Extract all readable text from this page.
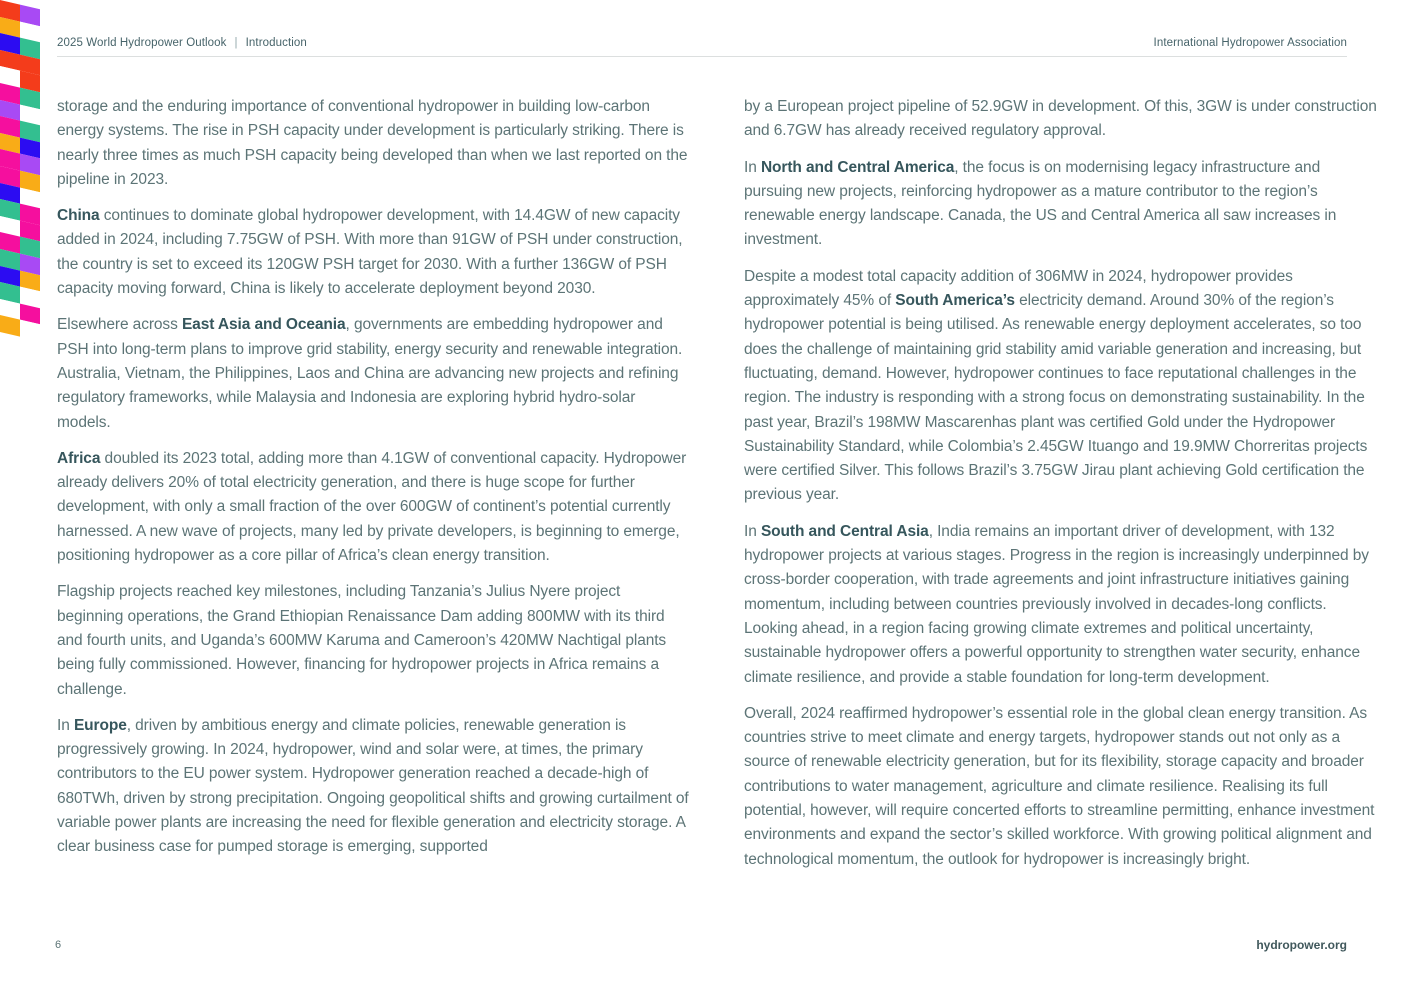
2025 World Hydropower Outlook | Introduction	International Hydropower Association

storage and the enduring importance of conventional hydropower in building low-carbon energy systems. The rise in PSH capacity under development is particularly striking. There is nearly three times as much PSH capacity being developed than when we last reported on the pipeline in 2023.

China continues to dominate global hydropower development, with 14.4GW of new capacity added in 2024, including 7.75GW of PSH. With more than 91GW of PSH under construction, the country is set to exceed its 120GW PSH target for 2030. With a further 136GW of PSH capacity moving forward, China is likely to accelerate deployment beyond 2030.

Elsewhere across East Asia and Oceania, governments are embedding hydropower and PSH into long-term plans to improve grid stability, energy security and renewable integration. Australia, Vietnam, the Philippines, Laos and China are advancing new projects and refining regulatory frameworks, while Malaysia and Indonesia are exploring hybrid hydro-solar models.

Africa doubled its 2023 total, adding more than 4.1GW of conventional capacity. Hydropower already delivers 20% of total electricity generation, and there is huge scope for further development, with only a small fraction of the over 600GW of continent’s potential currently harnessed. A new wave of projects, many led by private developers, is beginning to emerge, positioning hydropower as a core pillar of Africa’s clean energy transition.

Flagship projects reached key milestones, including Tanzania’s Julius Nyere project beginning operations, the Grand Ethiopian Renaissance Dam adding 800MW with its third and fourth units, and Uganda’s 600MW Karuma and Cameroon’s 420MW Nachtigal plants being fully commissioned. However, financing for hydropower projects in Africa remains a challenge.

In Europe, driven by ambitious energy and climate policies, renewable generation is progressively growing. In 2024, hydropower, wind and solar were, at times, the primary contributors to the EU power system. Hydropower generation reached a decade-high of 680TWh, driven by strong precipitation. Ongoing geopolitical shifts and growing curtailment of variable power plants are increasing the need for flexible generation and electricity storage. A clear business case for pumped storage is emerging, supported

by a European project pipeline of 52.9GW in development. Of this, 3GW is under construction and 6.7GW has already received regulatory approval.

In North and Central America, the focus is on modernising legacy infrastructure and pursuing new projects, reinforcing hydropower as a mature contributor to the region’s renewable energy landscape. Canada, the US and Central America all saw increases in investment.

Despite a modest total capacity addition of 306MW in 2024, hydropower provides approximately 45% of South America’s electricity demand. Around 30% of the region’s hydropower potential is being utilised. As renewable energy deployment accelerates, so too does the challenge of maintaining grid stability amid variable generation and increasing, but fluctuating, demand. However, hydropower continues to face reputational challenges in the region. The industry is responding with a strong focus on demonstrating sustainability. In the past year, Brazil’s 198MW Mascarenhas plant was certified Gold under the Hydropower Sustainability Standard, while Colombia’s 2.45GW Ituango and 19.9MW Chorreritas projects were certified Silver. This follows Brazil’s 3.75GW Jirau plant achieving Gold certification the previous year.

In South and Central Asia, India remains an important driver of development, with 132 hydropower projects at various stages. Progress in the region is increasingly underpinned by cross-border cooperation, with trade agreements and joint infrastructure initiatives gaining momentum, including between countries previously involved in decades-long conflicts. Looking ahead, in a region facing growing climate extremes and political uncertainty, sustainable hydropower offers a powerful opportunity to strengthen water security, enhance climate resilience, and provide a stable foundation for long-term development.

Overall, 2024 reaffirmed hydropower’s essential role in the global clean energy transition. As countries strive to meet climate and energy targets, hydropower stands out not only as a source of renewable electricity generation, but for its flexibility, storage capacity and broader contributions to water management, agriculture and climate resilience. Realising its full potential, however, will require concerted efforts to streamline permitting, enhance investment environments and expand the sector’s skilled workforce. With growing political alignment and technological momentum, the outlook for hydropower is increasingly bright.

6	hydropower.org
